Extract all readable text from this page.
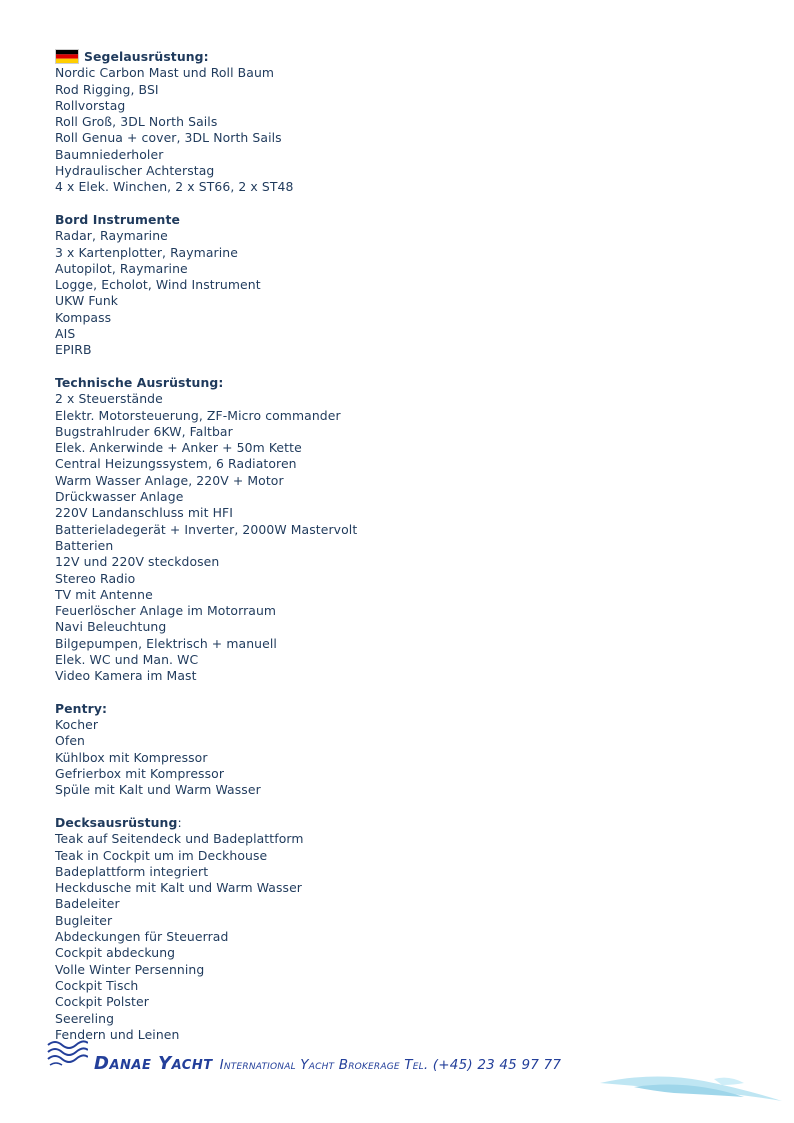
Segelausrüstung:
Nordic Carbon Mast und Roll Baum
Rod Rigging, BSI
Rollvorstag
Roll Groß, 3DL North Sails
Roll Genua + cover, 3DL North Sails
Baumniederholer
Hydraulischer Achterstag
4 x Elek. Winchen, 2 x ST66, 2 x ST48
Bord Instrumente
Radar, Raymarine
3 x Kartenplotter, Raymarine
Autopilot, Raymarine
Logge, Echolot, Wind Instrument
UKW Funk
Kompass
AIS
EPIRB
Technische Ausrüstung:
2 x Steuerstände
Elektr. Motorsteuerung, ZF-Micro commander
Bugstrahlruder 6KW, Faltbar
Elek. Ankerwinde + Anker + 50m Kette
Central Heizungssystem, 6 Radiatoren
Warm Wasser Anlage, 220V + Motor
Drückwasser Anlage
220V Landanschluss mit HFI
Batterieladegerät + Inverter, 2000W Mastervolt
Batterien
12V und 220V steckdosen
Stereo Radio
TV mit Antenne
Feuerlöscher Anlage im Motorraum
Navi Beleuchtung
Bilgepumpen, Elektrisch + manuell
Elek. WC und Man. WC
Video Kamera im Mast
Pentry:
Kocher
Ofen
Kühlbox mit Kompressor
Gefrierbox mit Kompressor
Spüle mit Kalt und Warm Wasser
Decksausrüstung:
Teak auf Seitendeck und Badeplattform
Teak in Cockpit um im Deckhouse
Badeplattform integriert
Heckdusche mit Kalt und Warm Wasser
Badeleiter
Bugleiter
Abdeckungen für Steuerrad
Cockpit abdeckung
Volle Winter Persenning
Cockpit Tisch
Cockpit Polster
Seereling
Fendern und Leinen
Danae Yacht International Yacht Brokerage Tel. (+45) 23 45 97 77
